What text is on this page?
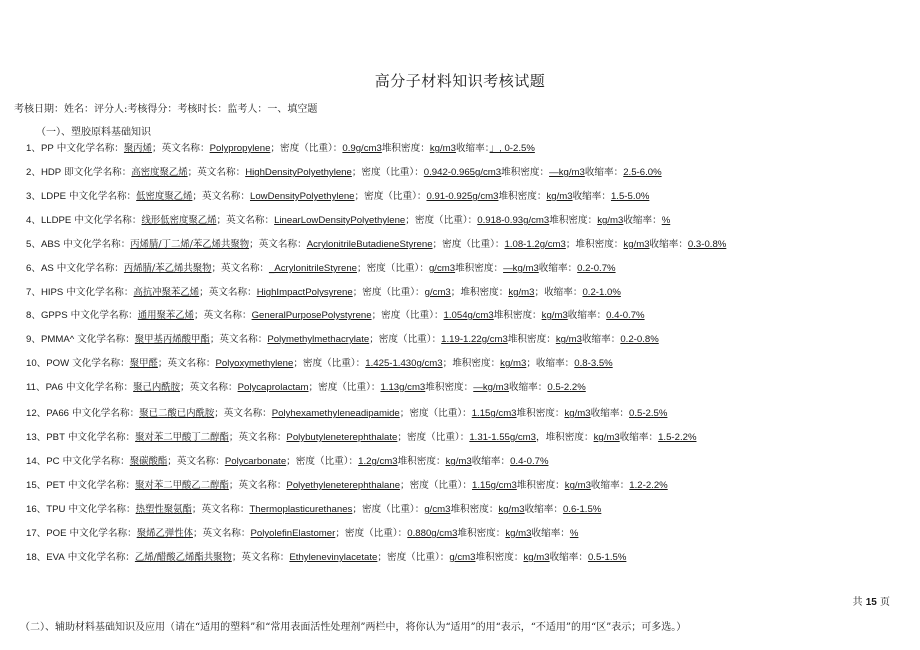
高分子材料知识考核试题
考核日期：姓名：评分人:考核得分：考核时长：监考人：一、填空题
（一）、塑胶原料基础知识
1、PP 中文化学名称：聚丙烯；英文名称：Polypropylene；密度（比重）：0.9g/cm3堆积密度：kg/m3收缩率：」, 0-2.5%
2、HDP 即文化学名称：高密度聚乙烯；英文名称：HighDensityPolyethylene；密度（比重）：0.942-0.965g/cm3堆积密度：—kg/m3收缩率：2.5-6.0%
3、LDPE 中文化学名称：低密度聚乙烯；英文名称：LowDensityPolyethylene；密度（比重）：0.91-0.925g/cm3堆积密度：kg/m3收缩率：1.5-5.0%
4、LLDPE 中文化学名称：线形低密度聚乙烯；英文名称：LinearLowDensityPolyethylene；密度（比重）：0.918-0.93g/cm3堆积密度：kg/m3收缩率：%
5、ABS 中文化学名称：丙烯腈/丁二烯/苯乙烯共聚物；英文名称：AcrylonitrileButadieneStyrene；密度（比重）：1.08-1.2g/cm3；堆积密度：kg/m3收缩率：0.3-0.8%
6、AS 中文化学名称：丙烯腈/苯乙烯共聚物；英文名称：_AcrylonitrileStyrene；密度（比重）：g/cm3堆积密度：—kg/m3收缩率：0.2-0.7%
7、HIPS 中文化学名称：高抗冲聚苯乙烯；英文名称：HighImpactPolysyrene；密度（比重）：g/cm3；堆积密度：kg/m3；收缩率：0.2-1.0%
8、GPPS 中文化学名称：通用聚苯乙烯；英文名称：GeneralPurposePolystyrene；密度（比重）：1.054g/cm3堆积密度：kg/m3收缩率：0.4-0.7%
9、PMMA^ 文化学名称：聚甲基丙烯酸甲酯；英文名称：Polymethylmethacrylate；密度（比重）：1.19-1.22g/cm3堆积密度：kg/m3收缩率：0.2-0.8%
10、POW 文化学名称：聚甲醛；英文名称：Polyoxymethylene；密度（比重）：1.425-1.430g/cm3；堆积密度：kg/m3；收缩率：0.8-3.5%
11、PA6 中文化学名称：聚己内酰胺；英文名称：Polycaprolactam；密度（比重）：1.13g/cm3堆积密度：—kg/m3收缩率：0.5-2.2%
12、PA66 中文化学名称：聚已二酸已内酰胺；英文名称：Polyhexamethyleneadipamide；密度（比重）：1.15g/cm3堆积密度：kg/m3收缩率：0.5-2.5%
13、PBT 中文化学名称：聚对苯二甲酸丁二醇酯；英文名称：Polybutyleneterephthalate；密度（比重）：1.31-1.55g/cm3，堆积密度：kg/m3收缩率：1.5-2.2%
14、PC 中文化学名称：聚碳酸酯；英文名称：Polycarbonate；密度（比重）：1.2g/cm3堆积密度：kg/m3收缩率：0.4-0.7%
15、PET 中文化学名称：聚对苯二甲酸乙二醇酯；英文名称：Polyethyleneterephthalane；密度（比重）：1.15g/cm3堆积密度：kg/m3收缩率：1.2-2.2%
16、TPU 中文化学名称：热塑性聚氨酯；英文名称：Thermoplasticurethanes；密度（比重）：g/cm3堆积密度：kg/m3收缩率：0.6-1.5%
17、POE 中文化学名称：聚烯乙弹性体；英文名称：PolyolefinElastomer；密度（比重）：0.880g/cm3堆积密度：kg/m3收缩率：%
18、EVA 中文化学名称：乙烯/醋酸乙烯酯共聚物；英文名称：Ethylenevinylacetate；密度（比重）：g/cm3堆积密度：kg/m3收缩率：0.5-1.5%
共 15 页
（二）、辅助材料基础知识及应用（请在“适用的塑料”和“常用表面活性处理剂”两栏中，将你认为“适用”的用“表示，“不适用”的用“区”表示；可多选。）
